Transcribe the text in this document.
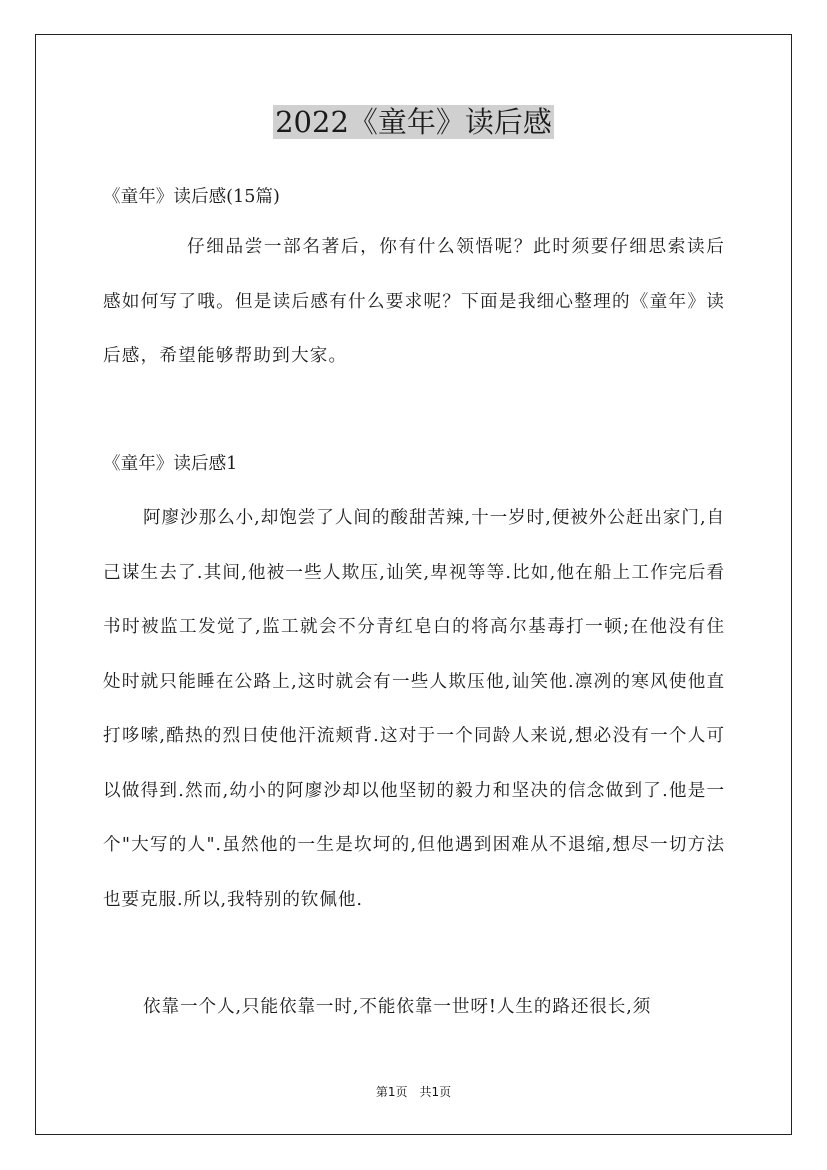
2022《童年》读后感

《童年》读后感(15篇)

仔细品尝一部名著后，你有什么领悟呢？此时须要仔细思索读后感如何写了哦。但是读后感有什么要求呢？下面是我细心整理的《童年》读后感，希望能够帮助到大家。

《童年》读后感1

阿廖沙那么小,却饱尝了人间的酸甜苦辣,十一岁时,便被外公赶出家门,自己谋生去了.其间,他被一些人欺压,讪笑,卑视等等.比如,他在船上工作完后看书时被监工发觉了,监工就会不分青红皂白的将高尔基毒打一顿;在他没有住处时就只能睡在公路上,这时就会有一些人欺压他,讪笑他.凛冽的寒风使他直打哆嗦,酷热的烈日使他汗流颊背.这对于一个同龄人来说,想必没有一个人可以做得到.然而,幼小的阿廖沙却以他坚韧的毅力和坚决的信念做到了.他是一个"大写的人".虽然他的一生是坎坷的,但他遇到困难从不退缩,想尽一切方法也要克服.所以,我特别的钦佩他.

依靠一个人,只能依靠一时,不能依靠一世呀!人生的路还很长,须

第1页　共1页
